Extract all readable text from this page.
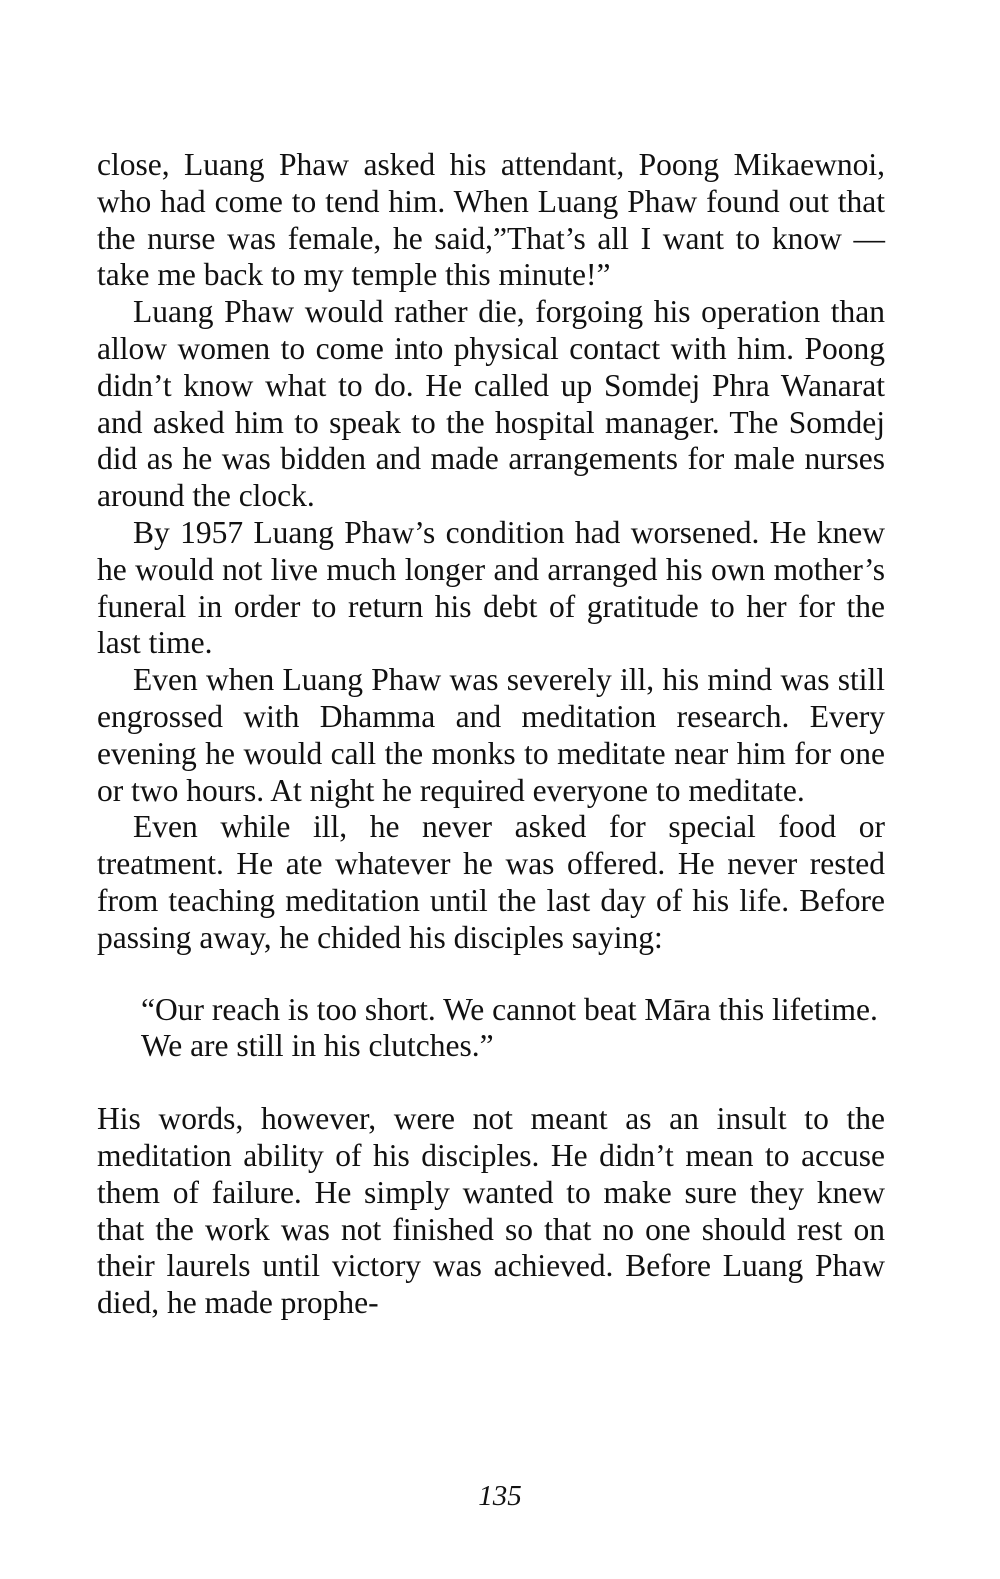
close, Luang Phaw asked his attendant, Poong Mikaewnoi, who had come to tend him. When Luang Phaw found out that the nurse was female, he said,”That’s all I want to know — take me back to my temple this minute!”

Luang Phaw would rather die, forgoing his operation than allow women to come into physical contact with him. Poong didn’t know what to do. He called up Somdej Phra Wanarat and asked him to speak to the hospital manager. The Somdej did as he was bidden and made arrangements for male nurses around the clock.

By 1957 Luang Phaw’s condition had worsened. He knew he would not live much longer and arranged his own mother’s funeral in order to return his debt of gratitude to her for the last time.

Even when Luang Phaw was severely ill, his mind was still engrossed with Dhamma and meditation research. Every evening he would call the monks to meditate near him for one or two hours. At night he required everyone to meditate.

Even while ill, he never asked for special food or treatment. He ate whatever he was offered. He never rested from teaching meditation until the last day of his life. Before passing away, he chided his disciples saying:

“Our reach is too short. We cannot beat Māra this lifetime. We are still in his clutches.”

His words, however, were not meant as an insult to the meditation ability of his disciples. He didn’t mean to accuse them of failure. He simply wanted to make sure they knew that the work was not finished so that no one should rest on their laurels until victory was achieved. Before Luang Phaw died, he made prophe-

135
